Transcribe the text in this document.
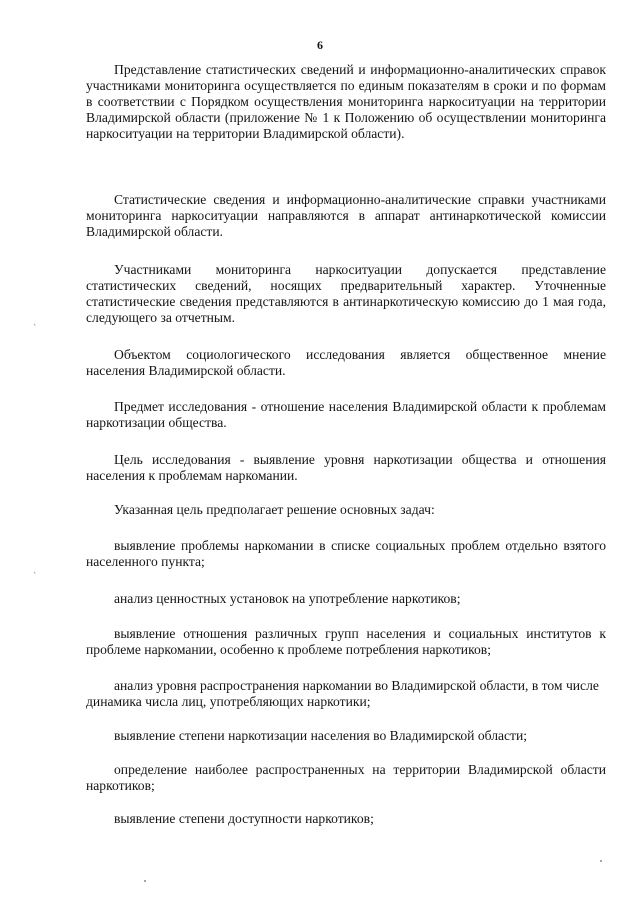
6

Представление статистических сведений и информационно-аналитических справок участниками мониторинга осуществляется по единым показателям в сроки и по формам в соответствии с Порядком осуществления мониторинга наркоситуации на территории Владимирской области (приложение № 1 к Положению об осуществлении мониторинга наркоситуации на территории Владимирской области).

Статистические сведения и информационно-аналитические справки участниками мониторинга наркоситуации направляются в аппарат антинаркотической комиссии Владимирской области.

Участниками мониторинга наркоситуации допускается представление статистических сведений, носящих предварительный характер. Уточненные статистические сведения представляются в антинаркотическую комиссию до 1 мая года, следующего за отчетным.

Объектом социологического исследования является общественное мнение населения Владимирской области.

Предмет исследования - отношение населения Владимирской области к проблемам наркотизации общества.

Цель исследования - выявление уровня наркотизации общества и отношения населения к проблемам наркомании.

Указанная цель предполагает решение основных задач:

выявление проблемы наркомании в списке социальных проблем отдельно взятого населенного пункта;

анализ ценностных установок на употребление наркотиков;

выявление отношения различных групп населения и социальных институтов к проблеме наркомании, особенно к проблеме потребления наркотиков;

анализ уровня распространения наркомании во Владимирской области, в том числе динамика числа лиц, употребляющих наркотики;

выявление степени наркотизации населения во Владимирской области;

определение наиболее распространенных на территории Владимирской области наркотиков;

выявление степени доступности наркотиков;

ˈ
ˈ
